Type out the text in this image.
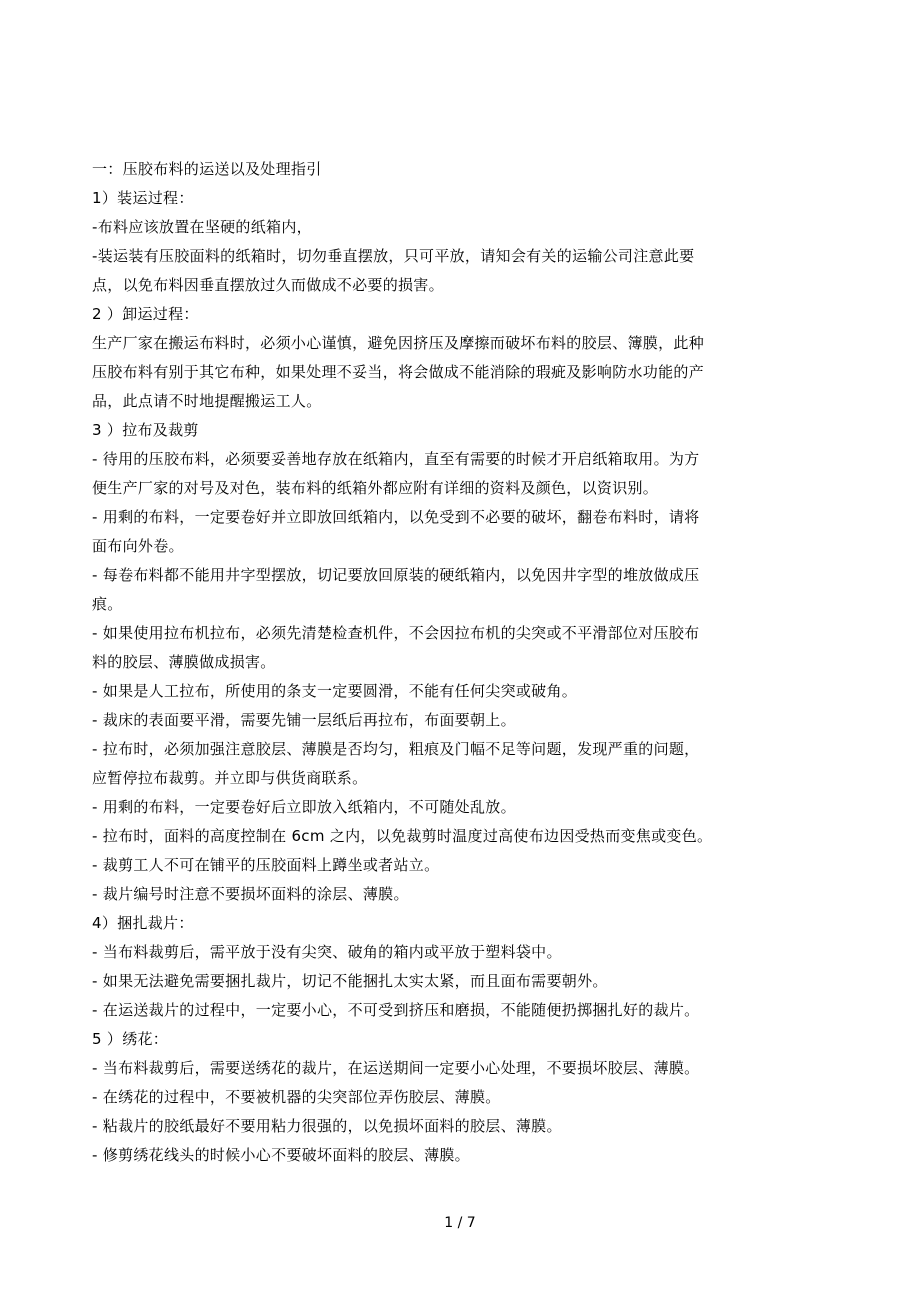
一：压胶布料的运送以及处理指引
1）装运过程：
-布料应该放置在坚硬的纸箱内，
-装运装有压胶面料的纸箱时，切勿垂直摆放，只可平放，请知会有关的运输公司注意此要
点，以免布料因垂直摆放过久而做成不必要的损害。
2 ）卸运过程：
生产厂家在搬运布料时，必须小心谨慎，避免因挤压及摩擦而破坏布料的胶层、簿膜，此种
压胶布料有别于其它布种，如果处理不妥当，将会做成不能消除的瑕疵及影响防水功能的产
品，此点请不时地提醒搬运工人。
3 ）拉布及裁剪
- 待用的压胶布料，必须要妥善地存放在纸箱内，直至有需要的时候才开启纸箱取用。为方
便生产厂家的对号及对色，装布料的纸箱外都应附有详细的资料及颜色，以资识别。
- 用剩的布料，一定要卷好并立即放回纸箱内，以免受到不必要的破坏，翻卷布料时，请将
面布向外卷。
- 每卷布料都不能用井字型摆放，切记要放回原装的硬纸箱内，以免因井字型的堆放做成压
痕。
- 如果使用拉布机拉布，必须先清楚检查机件，不会因拉布机的尖突或不平滑部位对压胶布
料的胶层、薄膜做成损害。
- 如果是人工拉布，所使用的条支一定要圆滑，不能有任何尖突或破角。
- 裁床的表面要平滑，需要先铺一层纸后再拉布，布面要朝上。
- 拉布时，必须加强注意胶层、薄膜是否均匀，粗痕及门幅不足等问题，发现严重的问题，
应暂停拉布裁剪。并立即与供货商联系。
- 用剩的布料，一定要卷好后立即放入纸箱内，不可随处乱放。
- 拉布时，面料的高度控制在 6cm 之内，以免裁剪时温度过高使布边因受热而变焦或变色。
- 裁剪工人不可在铺平的压胶面料上蹲坐或者站立。
- 裁片编号时注意不要损坏面料的涂层、薄膜。
4）捆扎裁片：
- 当布料裁剪后，需平放于没有尖突、破角的箱内或平放于塑料袋中。
- 如果无法避免需要捆扎裁片，切记不能捆扎太实太紧，而且面布需要朝外。
- 在运送裁片的过程中，一定要小心，不可受到挤压和磨损，不能随便扔掷捆扎好的裁片。
5 ）绣花：
- 当布料裁剪后，需要送绣花的裁片，在运送期间一定要小心处理，不要损坏胶层、薄膜。
- 在绣花的过程中，不要被机器的尖突部位弄伤胶层、薄膜。
- 粘裁片的胶纸最好不要用粘力很强的，以免损坏面料的胶层、薄膜。
- 修剪绣花线头的时候小心不要破坏面料的胶层、薄膜。
1 / 7
